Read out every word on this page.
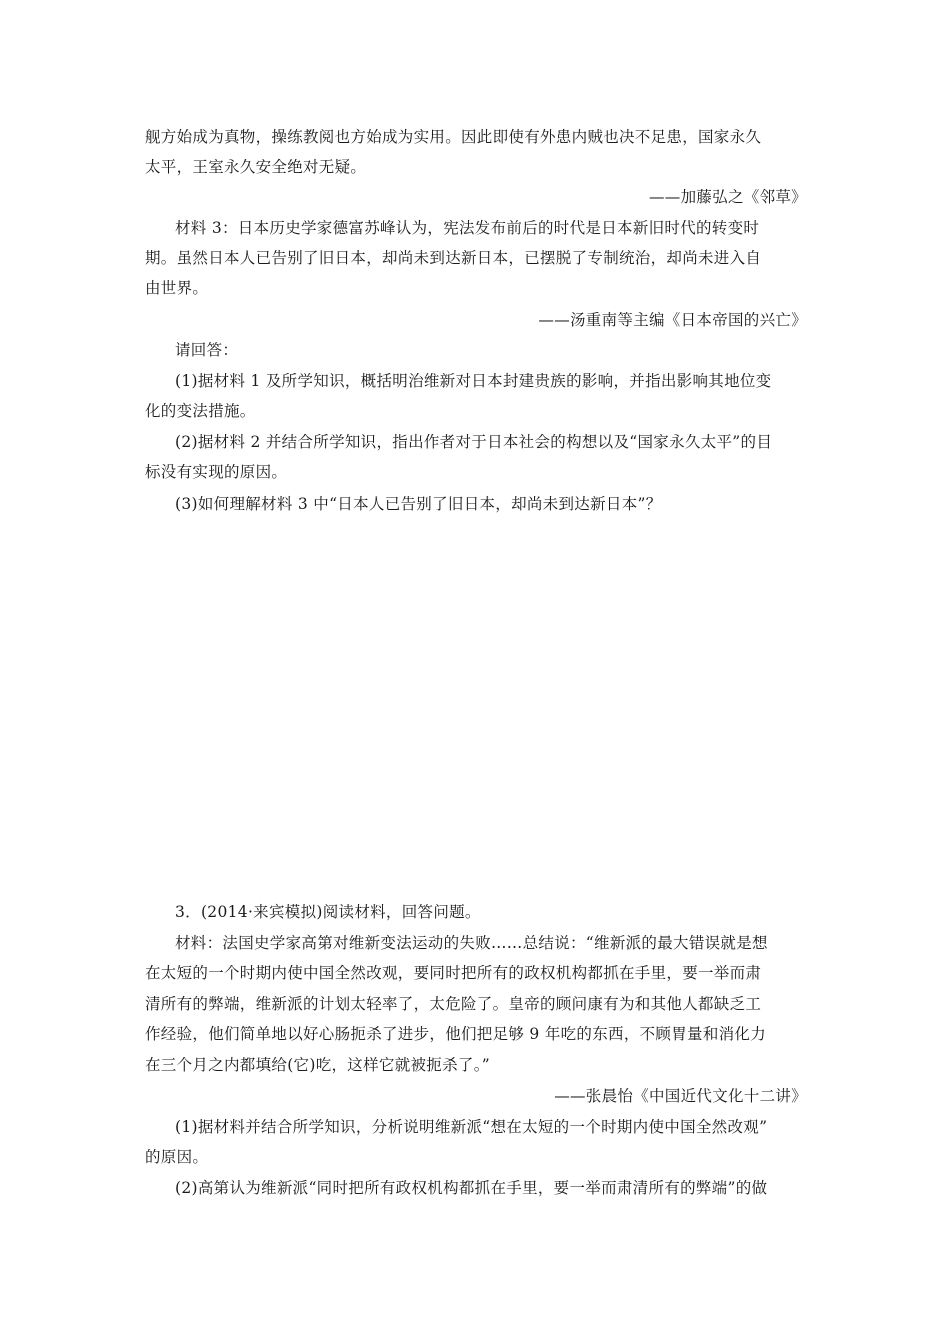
舰方始成为真物，操练教阅也方始成为实用。因此即使有外患内贼也决不足患，国家永久
太平，王室永久安全绝对无疑。
——加藤弘之《邻草》
材料 3：日本历史学家德富苏峰认为，宪法发布前后的时代是日本新旧时代的转变时
期。虽然日本人已告别了旧日本，却尚未到达新日本，已摆脱了专制统治，却尚未进入自
由世界。
——汤重南等主编《日本帝国的兴亡》
请回答：
(1)据材料 1 及所学知识，概括明治维新对日本封建贵族的影响，并指出影响其地位变
化的变法措施。
(2)据材料 2 并结合所学知识，指出作者对于日本社会的构想以及“国家永久太平”的目
标没有实现的原因。
(3)如何理解材料 3 中“日本人已告别了旧日本，却尚未到达新日本”？
3．(2014·来宾模拟)阅读材料，回答问题。
材料：法国史学家高第对维新变法运动的失败……总结说：“维新派的最大错误就是想
在太短的一个时期内使中国全然改观，要同时把所有的政权机构都抓在手里，要一举而肃
清所有的弊端，维新派的计划太轻率了，太危险了。皇帝的顾问康有为和其他人都缺乏工
作经验，他们简单地以好心肠扼杀了进步，他们把足够 9 年吃的东西，不顾胃量和消化力
在三个月之内都填给(它)吃，这样它就被扼杀了。”
——张晨怡《中国近代文化十二讲》
(1)据材料并结合所学知识，分析说明维新派“想在太短的一个时期内使中国全然改观”
的原因。
(2)高第认为维新派“同时把所有政权机构都抓在手里，要一举而肃清所有的弊端”的做
